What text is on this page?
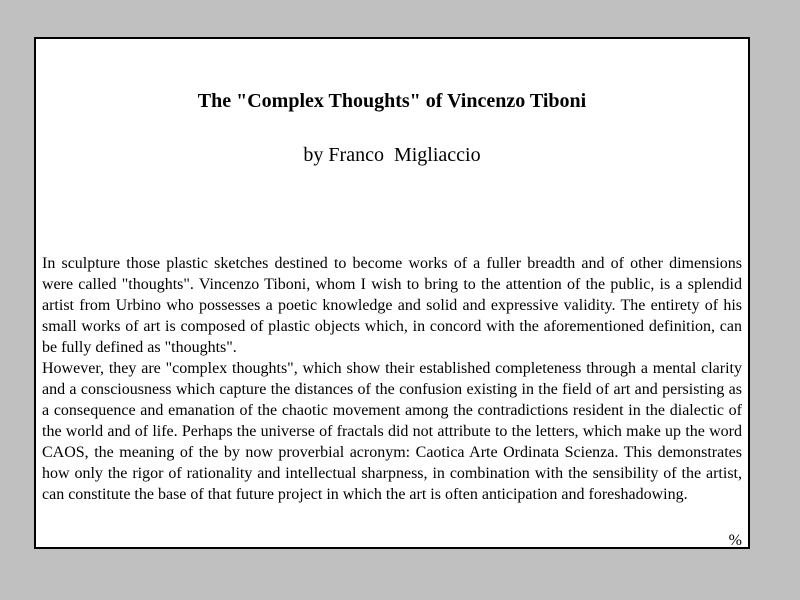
The "Complex Thoughts" of Vincenzo Tiboni

by Franco  Migliaccio

In sculpture those plastic sketches destined to become works of a fuller breadth and of other dimensions were called "thoughts". Vincenzo Tiboni, whom I wish to bring to the attention of the public, is a splendid artist from Urbino who possesses a poetic knowledge and solid and expressive validity. The entirety of his small works of art is composed of plastic objects which, in concord with the aforementioned definition, can be fully defined as "thoughts".

However, they are "complex thoughts", which show their established completeness through a mental clarity and a consciousness which capture the distances of the confusion existing in the field of art and persisting as a consequence and emanation of the chaotic movement among the contradictions resident in the dialectic of the world and of life. Perhaps the universe of fractals did not attribute to the letters, which make up the word CAOS, the meaning of the by now proverbial acronym: Caotica Arte Ordinata Scienza. This demonstrates how only the rigor of rationality and intellectual sharpness, in combination with the sensibility of the artist, can constitute the base of that future project in which the art is often anticipation and foreshadowing.

%
